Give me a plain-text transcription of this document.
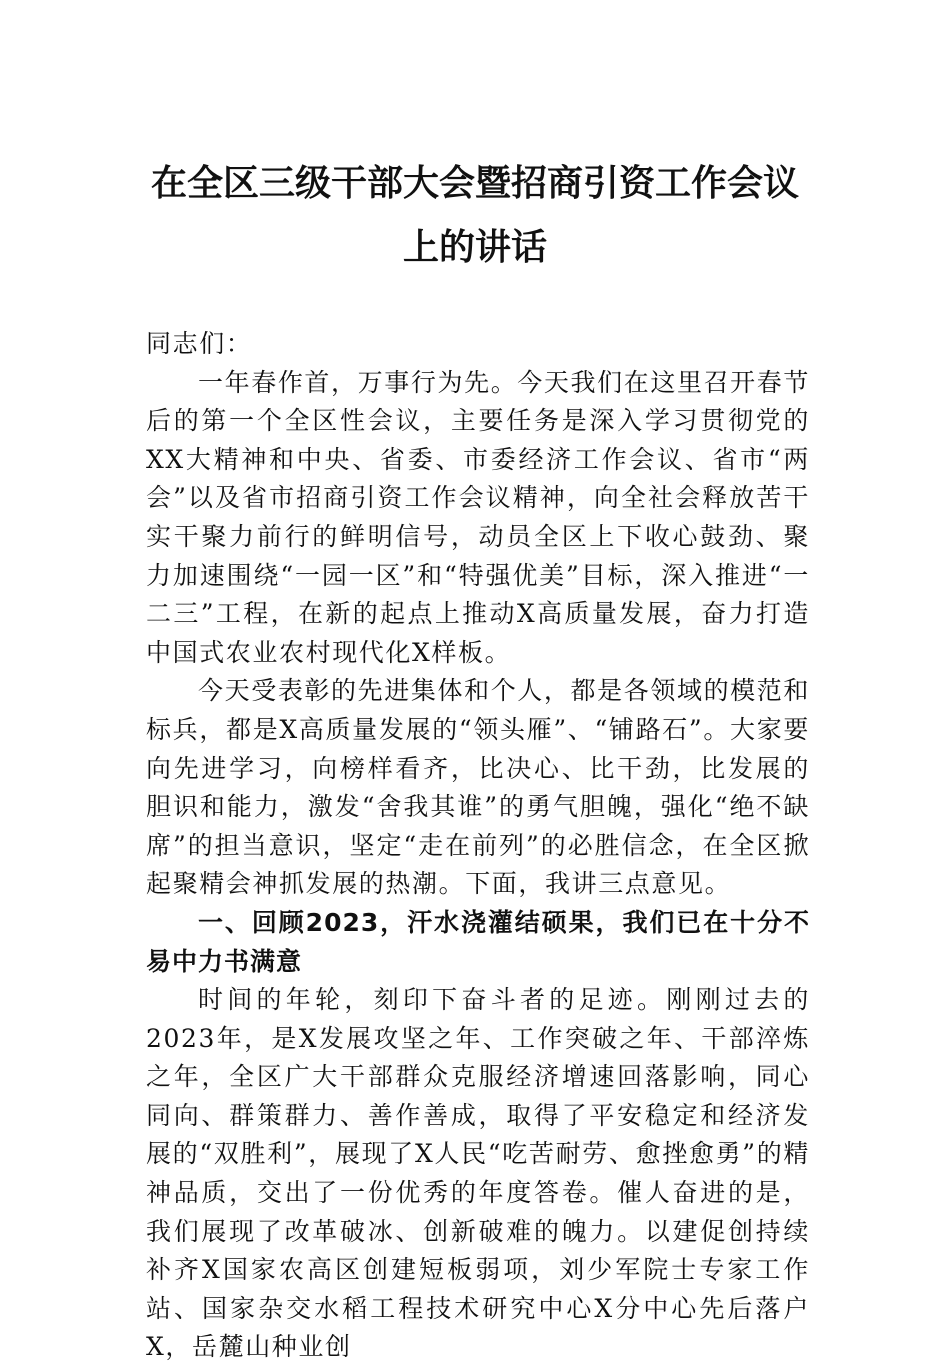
在全区三级干部大会暨招商引资工作会议上的讲话

同志们：

一年春作首，万事行为先。今天我们在这里召开春节后的第一个全区性会议，主要任务是深入学习贯彻党的XX大精神和中央、省委、市委经济工作会议、省市“两会”以及省市招商引资工作会议精神，向全社会释放苦干实干聚力前行的鲜明信号，动员全区上下收心鼓劲、聚力加速围绕“一园一区”和“特强优美”目标，深入推进“一二三”工程，在新的起点上推动X高质量发展，奋力打造中国式农业农村现代化X样板。

今天受表彰的先进集体和个人，都是各领域的模范和标兵，都是X高质量发展的“领头雁”、“铺路石”。大家要向先进学习，向榜样看齐，比决心、比干劲，比发展的胆识和能力，激发“舍我其谁”的勇气胆魄，强化“绝不缺席”的担当意识，坚定“走在前列”的必胜信念，在全区掀起聚精会神抓发展的热潮。下面，我讲三点意见。

一、回顾2023，汗水浇灌结硕果，我们已在十分不易中力书满意

时间的年轮，刻印下奋斗者的足迹。刚刚过去的2023年，是X发展攻坚之年、工作突破之年、干部淬炼之年，全区广大干部群众克服经济增速回落影响，同心同向、群策群力、善作善成，取得了平安稳定和经济发展的“双胜利”，展现了X人民“吃苦耐劳、愈挫愈勇”的精神品质，交出了一份优秀的年度答卷。催人奋进的是，我们展现了改革破冰、创新破难的魄力。以建促创持续补齐X国家农高区创建短板弱项，刘少军院士专家工作站、国家杂交水稻工程技术研究中心X分中心先后落户X，岳麓山种业创
